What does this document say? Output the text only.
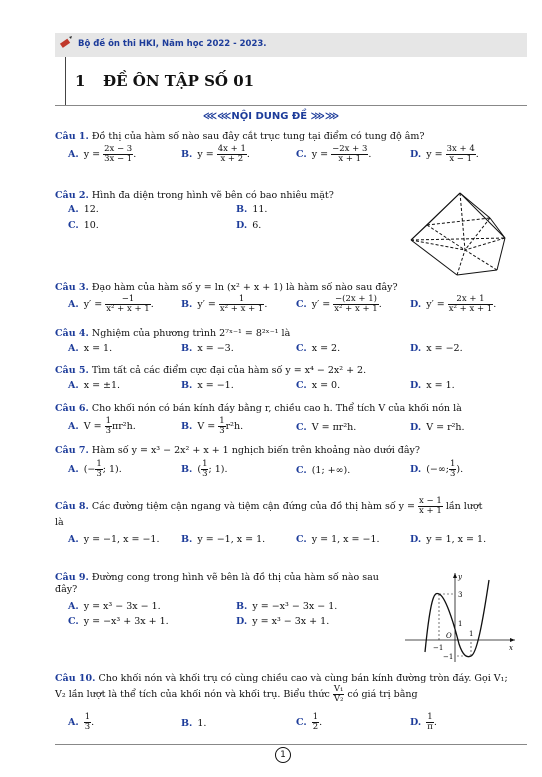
Bộ đề ôn thi HKI, Năm học 2022 - 2023.
1 ĐỀ ÔN TẬP SỐ 01
⋘⋘NỘI DUNG ĐỀ ⋙⋙
Câu 1. Đồ thị của hàm số nào sau đây cắt trục tung tại điểm có tung độ âm?
A. $y = \frac{2x - 3}{3x - 1}$ .	B. $y = \frac{4x + 1}{x + 2}$ .	C. $y = \frac{-2x + 3}{x + 1}$ .	D. $y = \frac{3x + 4}{x - 1}$ .
Câu 2. Hình đa diện trong hình vẽ bên có bao nhiêu mặt?
A. 12.	B. 11.
C. 10.	D. 6.
Câu 3. Đạo hàm của hàm số y = ln (x² + x + 1) là hàm số nào sau đây?
A. $y' = \frac{-1}{\text{x² + x + 1}}$ .	B. $y' = \frac{1}{\text{x² + x + 1}}$ .	C. $y' = \frac{-(2x + 1)}{\text{x² + x + 1}}$ .	D. $y' = \frac{2x + 1}{\text{x² + x + 1}}$ .
Câu 4. Nghiệm của phương trình 2⁷ˣ⁻¹ = 8²ˣ⁻¹ là
A. x = 1.	B. x = −3.	C. x = 2.	D. x = −2.
Câu 5. Tìm tất cả các điểm cực đại của hàm số y = x⁴ − 2x² + 2.
A. x = ±1.	B. x = −1.	C. x = 0.	D. x = 1.
Câu 6. Cho khối nón có bán kính đáy bằng r, chiều cao h. Thể tích V của khối nón là
A. $V = \frac{1}{3} \pi r^2h$.	B. $V = \frac{1}{3} r^2h$.	C. V = πr²h.	D. V = r²h.
Câu 7. Hàm số y = x³ − 2x² + x + 1 nghịch biến trên khoảng nào dưới đây?
A. (− $\frac{1}{3}$ ; 1).	B. ( $\frac{1}{3}$ ; 1).	C. (1; +∞).	D. (−∞; $\frac{1}{3}$ ).
Câu 8. Các đường tiệm cận ngang và tiệm cận đứng của đồ thị hàm số $y = \frac{x - 1}{x + 1}$ lần lượt
là
A. y = −1, x = −1. B. y = −1, x = 1.	C. y = 1, x = −1.	D. y = 1, x = 1.
Câu 9. Đường cong trong hình vẽ bên là đồ thị của hàm số nào sau
đây?
A. y = x³ − 3x − 1.	B. y = −x³ − 3x − 1.
C. y = −x³ + 3x + 1.	D. y = x³ − 3x + 1.
y
x
O
3
1
−1
−1
1
Câu 10. Cho khối nón và khối trụ có cùng chiều cao và cùng bán kính đường tròn đáy. Gọi V₁;
V₂ lần lượt là thể tích của khối nón và khối trụ. Biểu thức $\frac{\text{V₁}}{\text{V₂}}$ có giá trị bằng
A. $\frac{1}{3}$ .	B. 1.	C. $\frac{1}{2}$ .	D. $\frac{1}{\pi}$ .
1
